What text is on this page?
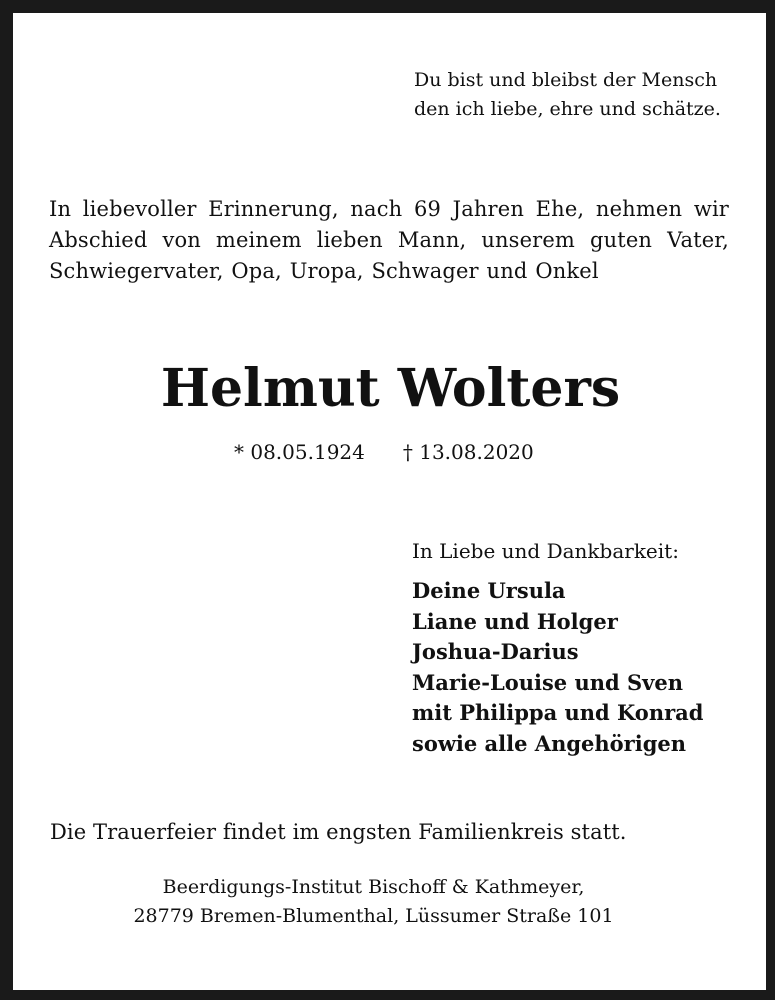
Du bist und bleibst der Mensch
den ich liebe, ehre und schätze.
In liebevoller Erinnerung, nach 69 Jahren Ehe, nehmen wir
Abschied von meinem lieben Mann, unserem guten Vater,
Schwiegervater, Opa, Uropa, Schwager und Onkel
Helmut Wolters
* 08.05.1924 † 13.08.2020
In Liebe und Dankbarkeit:
Deine Ursula
Liane und Holger
Joshua-Darius
Marie-Louise und Sven
mit Philippa und Konrad
sowie alle Angehörigen
Die Trauerfeier findet im engsten Familienkreis statt.
Beerdigungs-Institut Bischoff & Kathmeyer,
28779 Bremen-Blumenthal, Lüssumer Straße 101
